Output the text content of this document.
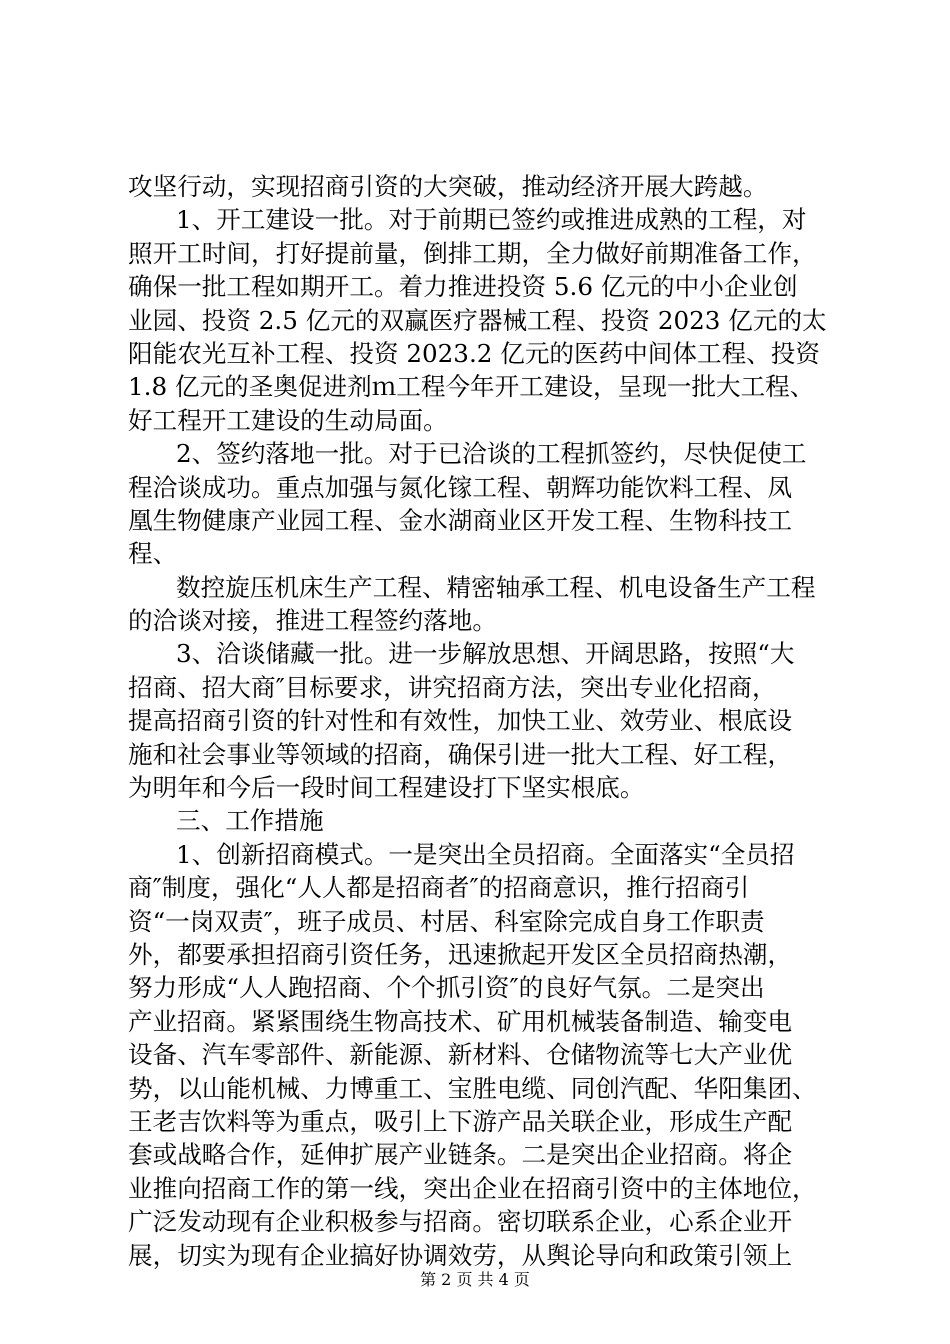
攻坚行动，实现招商引资的大突破，推动经济开展大跨越。
1、开工建设一批。对于前期已签约或推进成熟的工程，对
照开工时间，打好提前量，倒排工期，全力做好前期准备工作，
确保一批工程如期开工。着力推进投资 5.6 亿元的中小企业创
业园、投资 2.5 亿元的双赢医疗器械工程、投资 2023 亿元的太
阳能农光互补工程、投资 2023.2 亿元的医药中间体工程、投资
1.8 亿元的圣奥促进剂ｍ工程今年开工建设，呈现一批大工程、
好工程开工建设的生动局面。
2、签约落地一批。对于已洽谈的工程抓签约，尽快促使工
程洽谈成功。重点加强与氮化镓工程、朝辉功能饮料工程、凤
凰生物健康产业园工程、金水湖商业区开发工程、生物科技工
程、
数控旋压机床生产工程、精密轴承工程、机电设备生产工程
的洽谈对接，推进工程签约落地。
3、洽谈储藏一批。进一步解放思想、开阔思路，按照“大
招商、招大商″目标要求，讲究招商方法，突出专业化招商，
提高招商引资的针对性和有效性，加快工业、效劳业、根底设
施和社会事业等领域的招商，确保引进一批大工程、好工程，
为明年和今后一段时间工程建设打下坚实根底。
三、工作措施
1、创新招商模式。一是突出全员招商。全面落实“全员招
商″制度，强化“人人都是招商者″的招商意识，推行招商引
资“一岗双责″，班子成员、村居、科室除完成自身工作职责
外，都要承担招商引资任务，迅速掀起开发区全员招商热潮，
努力形成“人人跑招商、个个抓引资″的良好气氛。二是突出
产业招商。紧紧围绕生物高技术、矿用机械装备制造、输变电
设备、汽车零部件、新能源、新材料、仓储物流等七大产业优
势，以山能机械、力博重工、宝胜电缆、同创汽配、华阳集团、
王老吉饮料等为重点，吸引上下游产品关联企业，形成生产配
套或战略合作，延伸扩展产业链条。二是突出企业招商。将企
业推向招商工作的第一线，突出企业在招商引资中的主体地位，
广泛发动现有企业积极参与招商。密切联系企业，心系企业开
展，切实为现有企业搞好协调效劳，从舆论导向和政策引领上
第 2 页 共 4 页
